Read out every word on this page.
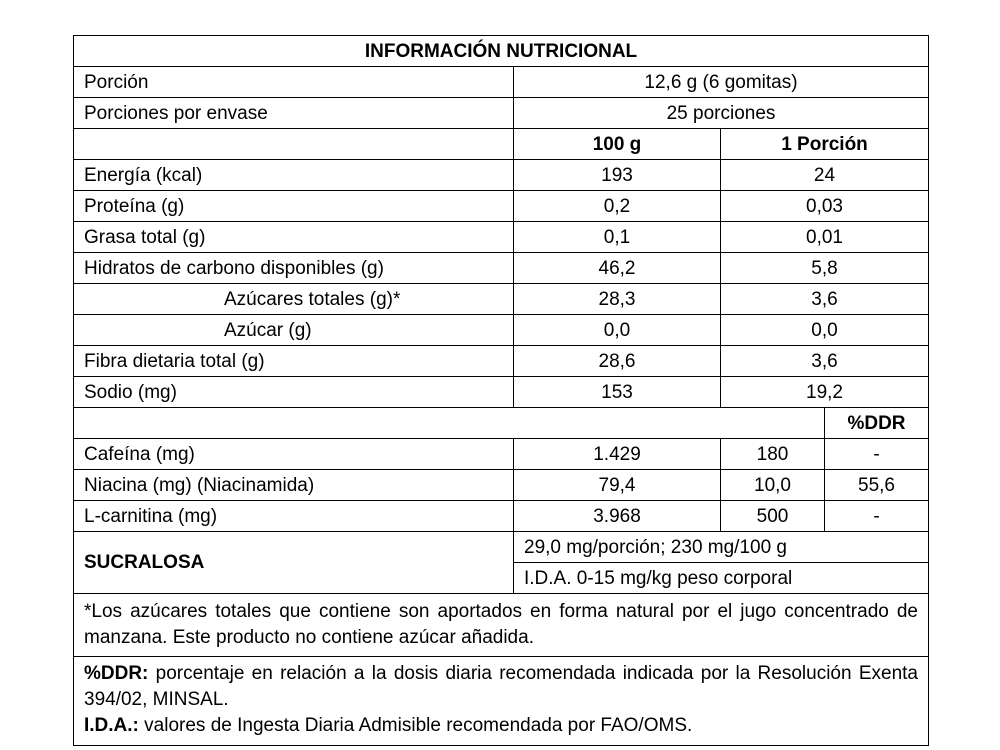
INFORMACIÓN NUTRICIONAL			
Porción	12,6 g (6 gomitas)		
Porciones por envase	25 porciones		
	100 g	1 Porción	
Energía (kcal)	193	24	
Proteína (g)	0,2	0,03	
Grasa total (g)	0,1	0,01	
Hidratos de carbono disponibles (g)	46,2	5,8	
Azúcares totales (g)*	28,3	3,6	
Azúcar (g)	0,0	0,0	
Fibra dietaria total (g)	28,6	3,6	
Sodio (mg)	153	19,2	
			%DDR
Cafeína (mg)	1.429	180	-
Niacina (mg) (Niacinamida)	79,4	10,0	55,6
L-carnitina (mg)	3.968	500	-
SUCRALOSA	29,0 mg/porción; 230 mg/100 g		
	I.D.A. 0-15 mg/kg peso corporal		
*Los azúcares totales que contiene son aportados en forma natural por el jugo concentrado de manzana. Este producto no contiene azúcar añadida.			

%DDR: porcentaje en relación a la dosis diaria recomendada indicada por la Resolución Exenta 394/02, MINSAL.
I.D.A.: valores de Ingesta Diaria Admisible recomendada por FAO/OMS.			
